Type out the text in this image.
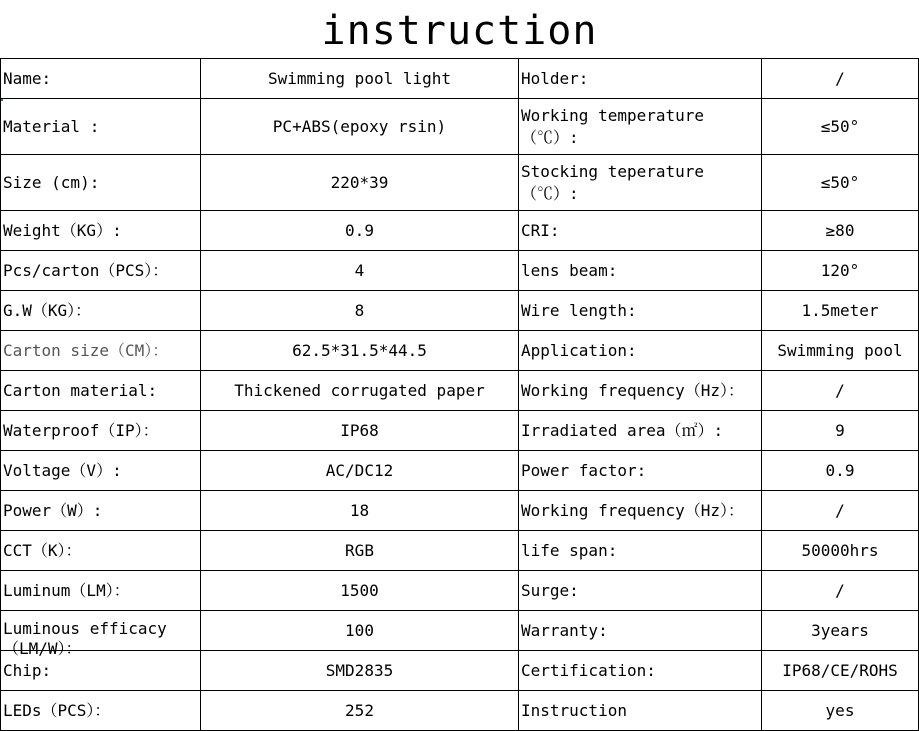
instruction
Name:	Swimming pool light	Holder:	/
Material :	PC+ABS(epoxy rsin)	Working temperature （℃）:	≤50°
Size (cm):	220*39	Stocking teperature （℃）:	≤50°
Weight（KG）:	0.9	CRI:	≥80
Pcs/carton（PCS）：	4	lens beam:	120°
G.W（KG）：	8	Wire length:	1.5meter
Carton size（CM）：	62.5*31.5*44.5	Application:	Swimming pool
Carton material:	Thickened corrugated paper	Working frequency（Hz）：	/
Waterproof（IP）：	IP68	Irradiated area（㎡）:	9
Voltage（V）:	AC/DC12	Power factor:	0.9
Power（W）:	18	Working frequency（Hz）：	/
CCT（K）：	RGB	life span:	50000hrs
Luminum（LM）：	1500	Surge:	/

Luminous efficacy（LM/W）：	100	Warranty:	3years
Chip:	SMD2835	Certification:	IP68/CE/ROHS
LEDs（PCS）：	252	Instruction	yes
